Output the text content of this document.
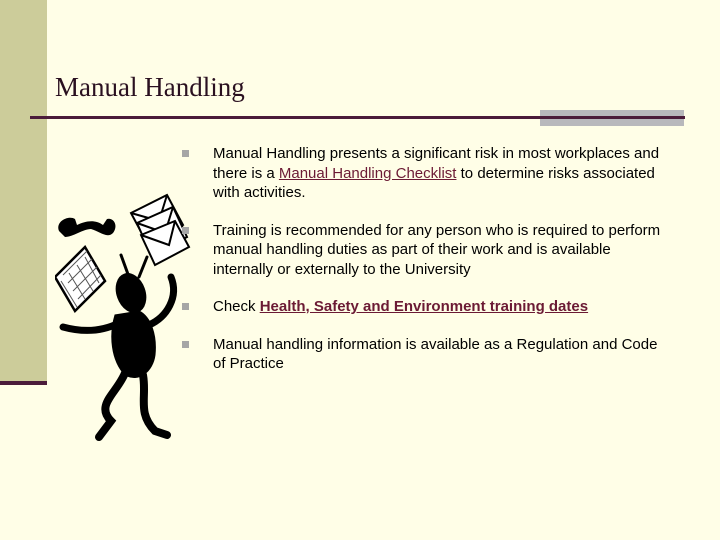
Manual Handling
Manual Handling presents a significant risk in most workplaces and there is a Manual Handling Checklist to determine risks associated with activities.
Training is recommended for any person who is required to perform manual handling duties as part of their work and is available internally or externally to the University
Check Health, Safety and Environment training dates
Manual handling information is available as a Regulation and Code of Practice
